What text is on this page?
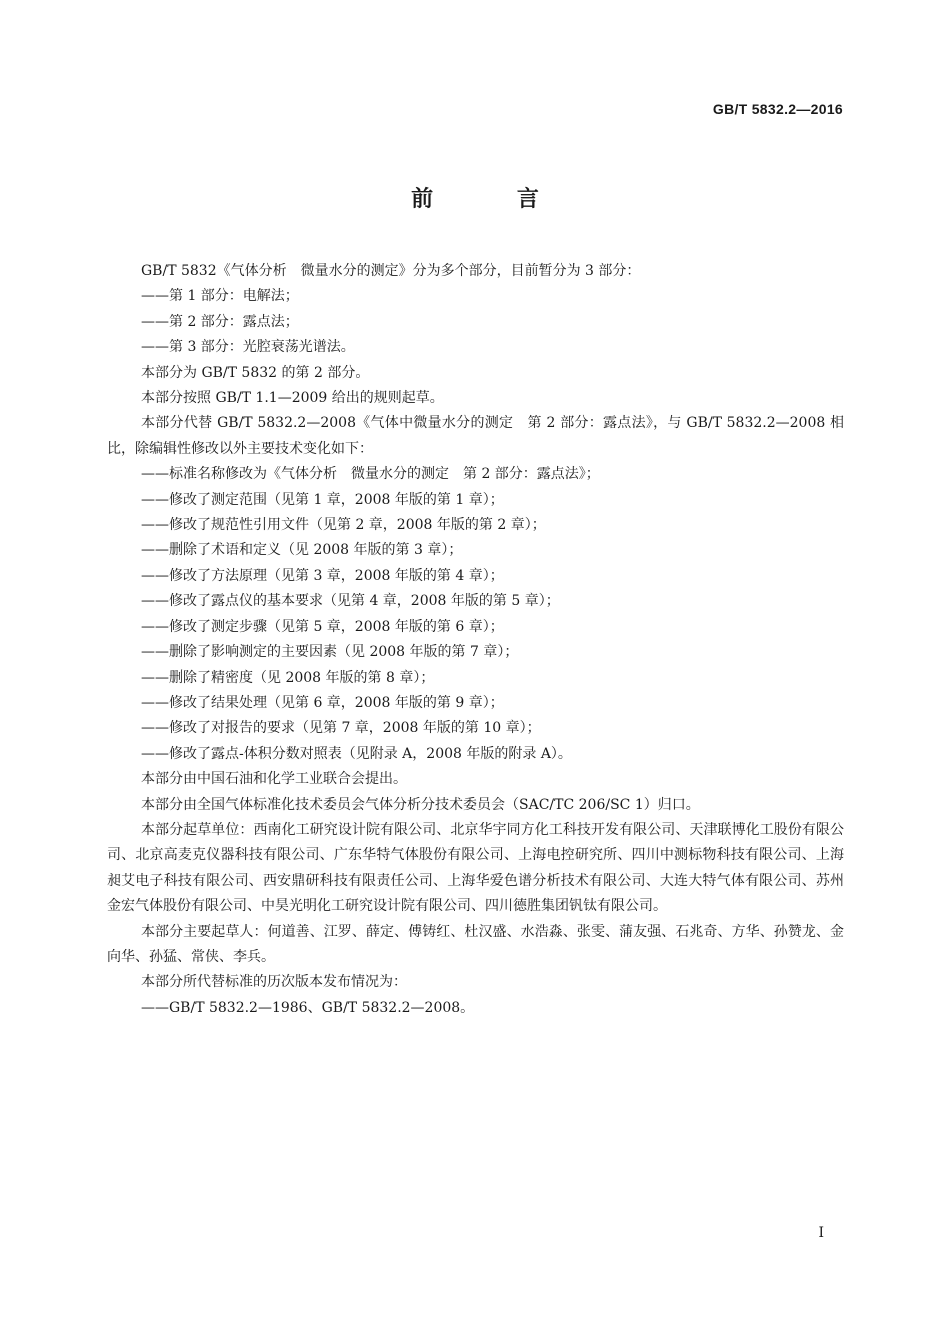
GB/T 5832.2—2016
前 言

GB/T 5832《气体分析　微量水分的测定》分为多个部分，目前暂分为 3 部分：

——第 1 部分：电解法；

——第 2 部分：露点法；

——第 3 部分：光腔衰荡光谱法。

本部分为 GB/T 5832 的第 2 部分。

本部分按照 GB/T 1.1—2009 给出的规则起草。

本部分代替 GB/T 5832.2—2008《气体中微量水分的测定　第 2 部分：露点法》，与 GB/T 5832.2—2008 相比，除编辑性修改以外主要技术变化如下：

——标准名称修改为《气体分析　微量水分的测定　第 2 部分：露点法》；

——修改了测定范围（见第 1 章，2008 年版的第 1 章）；

——修改了规范性引用文件（见第 2 章，2008 年版的第 2 章）；

——删除了术语和定义（见 2008 年版的第 3 章）；

——修改了方法原理（见第 3 章，2008 年版的第 4 章）；

——修改了露点仪的基本要求（见第 4 章，2008 年版的第 5 章）；

——修改了测定步骤（见第 5 章，2008 年版的第 6 章）；

——删除了影响测定的主要因素（见 2008 年版的第 7 章）；

——删除了精密度（见 2008 年版的第 8 章）；

——修改了结果处理（见第 6 章，2008 年版的第 9 章）；

——修改了对报告的要求（见第 7 章，2008 年版的第 10 章）；

——修改了露点-体积分数对照表（见附录 A，2008 年版的附录 A）。

本部分由中国石油和化学工业联合会提出。

本部分由全国气体标准化技术委员会气体分析分技术委员会（SAC/TC 206/SC 1）归口。

本部分起草单位：西南化工研究设计院有限公司、北京华宇同方化工科技开发有限公司、天津联博化工股份有限公司、北京高麦克仪器科技有限公司、广东华特气体股份有限公司、上海电控研究所、四川中测标物科技有限公司、上海昶艾电子科技有限公司、西安鼎研科技有限责任公司、上海华爱色谱分析技术有限公司、大连大特气体有限公司、苏州金宏气体股份有限公司、中昊光明化工研究设计院有限公司、四川德胜集团钒钛有限公司。

本部分主要起草人：何道善、江罗、薛定、傅铸红、杜汉盛、水浩淼、张雯、蒲友强、石兆奇、方华、孙赞龙、金向华、孙猛、常侠、李兵。

本部分所代替标准的历次版本发布情况为：

——GB/T 5832.2—1986、GB/T 5832.2—2008。

I
